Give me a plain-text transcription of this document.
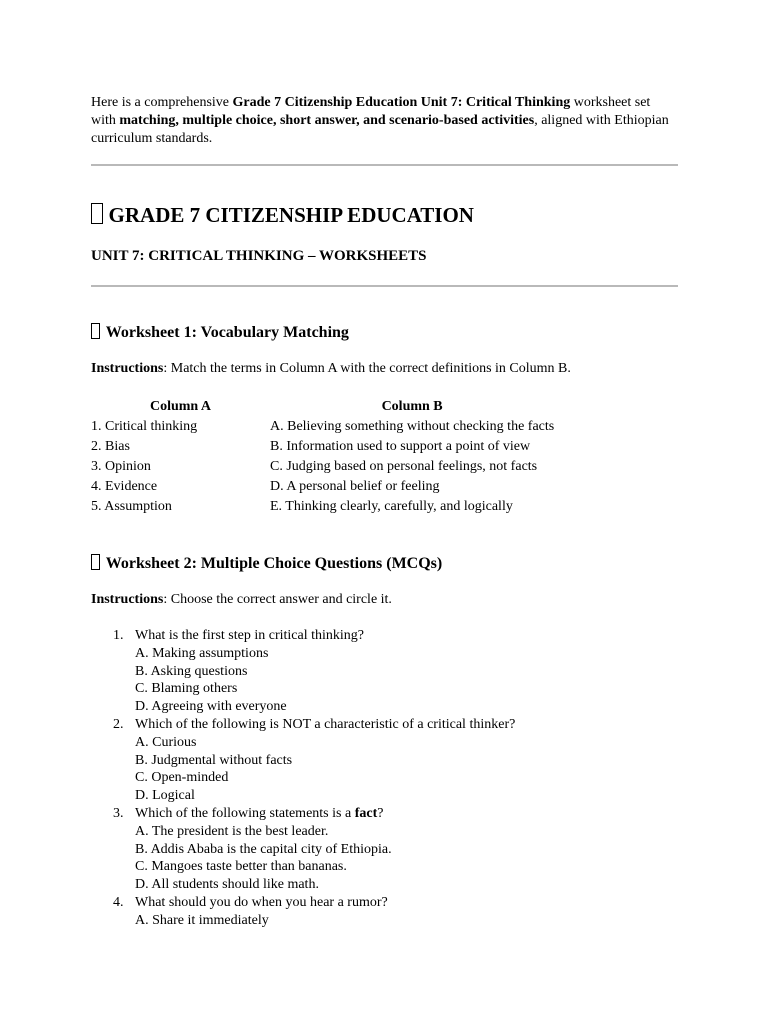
Here is a comprehensive Grade 7 Citizenship Education Unit 7: Critical Thinking worksheet set with matching, multiple choice, short answer, and scenario-based activities, aligned with Ethiopian curriculum standards.
GRADE 7 CITIZENSHIP EDUCATION
UNIT 7: CRITICAL THINKING – WORKSHEETS
Worksheet 1: Vocabulary Matching
Instructions: Match the terms in Column A with the correct definitions in Column B.
Column A	Column B
1. Critical thinking	A. Believing something without checking the facts
2. Bias	B. Information used to support a point of view
3. Opinion	C. Judging based on personal feelings, not facts
4. Evidence	D. A personal belief or feeling
5. Assumption	E. Thinking clearly, carefully, and logically
Worksheet 2: Multiple Choice Questions (MCQs)
Instructions: Choose the correct answer and circle it.
1. What is the first step in critical thinking?
A. Making assumptions
B. Asking questions
C. Blaming others
D. Agreeing with everyone
2. Which of the following is NOT a characteristic of a critical thinker?
A. Curious
B. Judgmental without facts
C. Open-minded
D. Logical
3. Which of the following statements is a fact?
A. The president is the best leader.
B. Addis Ababa is the capital city of Ethiopia.
C. Mangoes taste better than bananas.
D. All students should like math.
4. What should you do when you hear a rumor?
A. Share it immediately
